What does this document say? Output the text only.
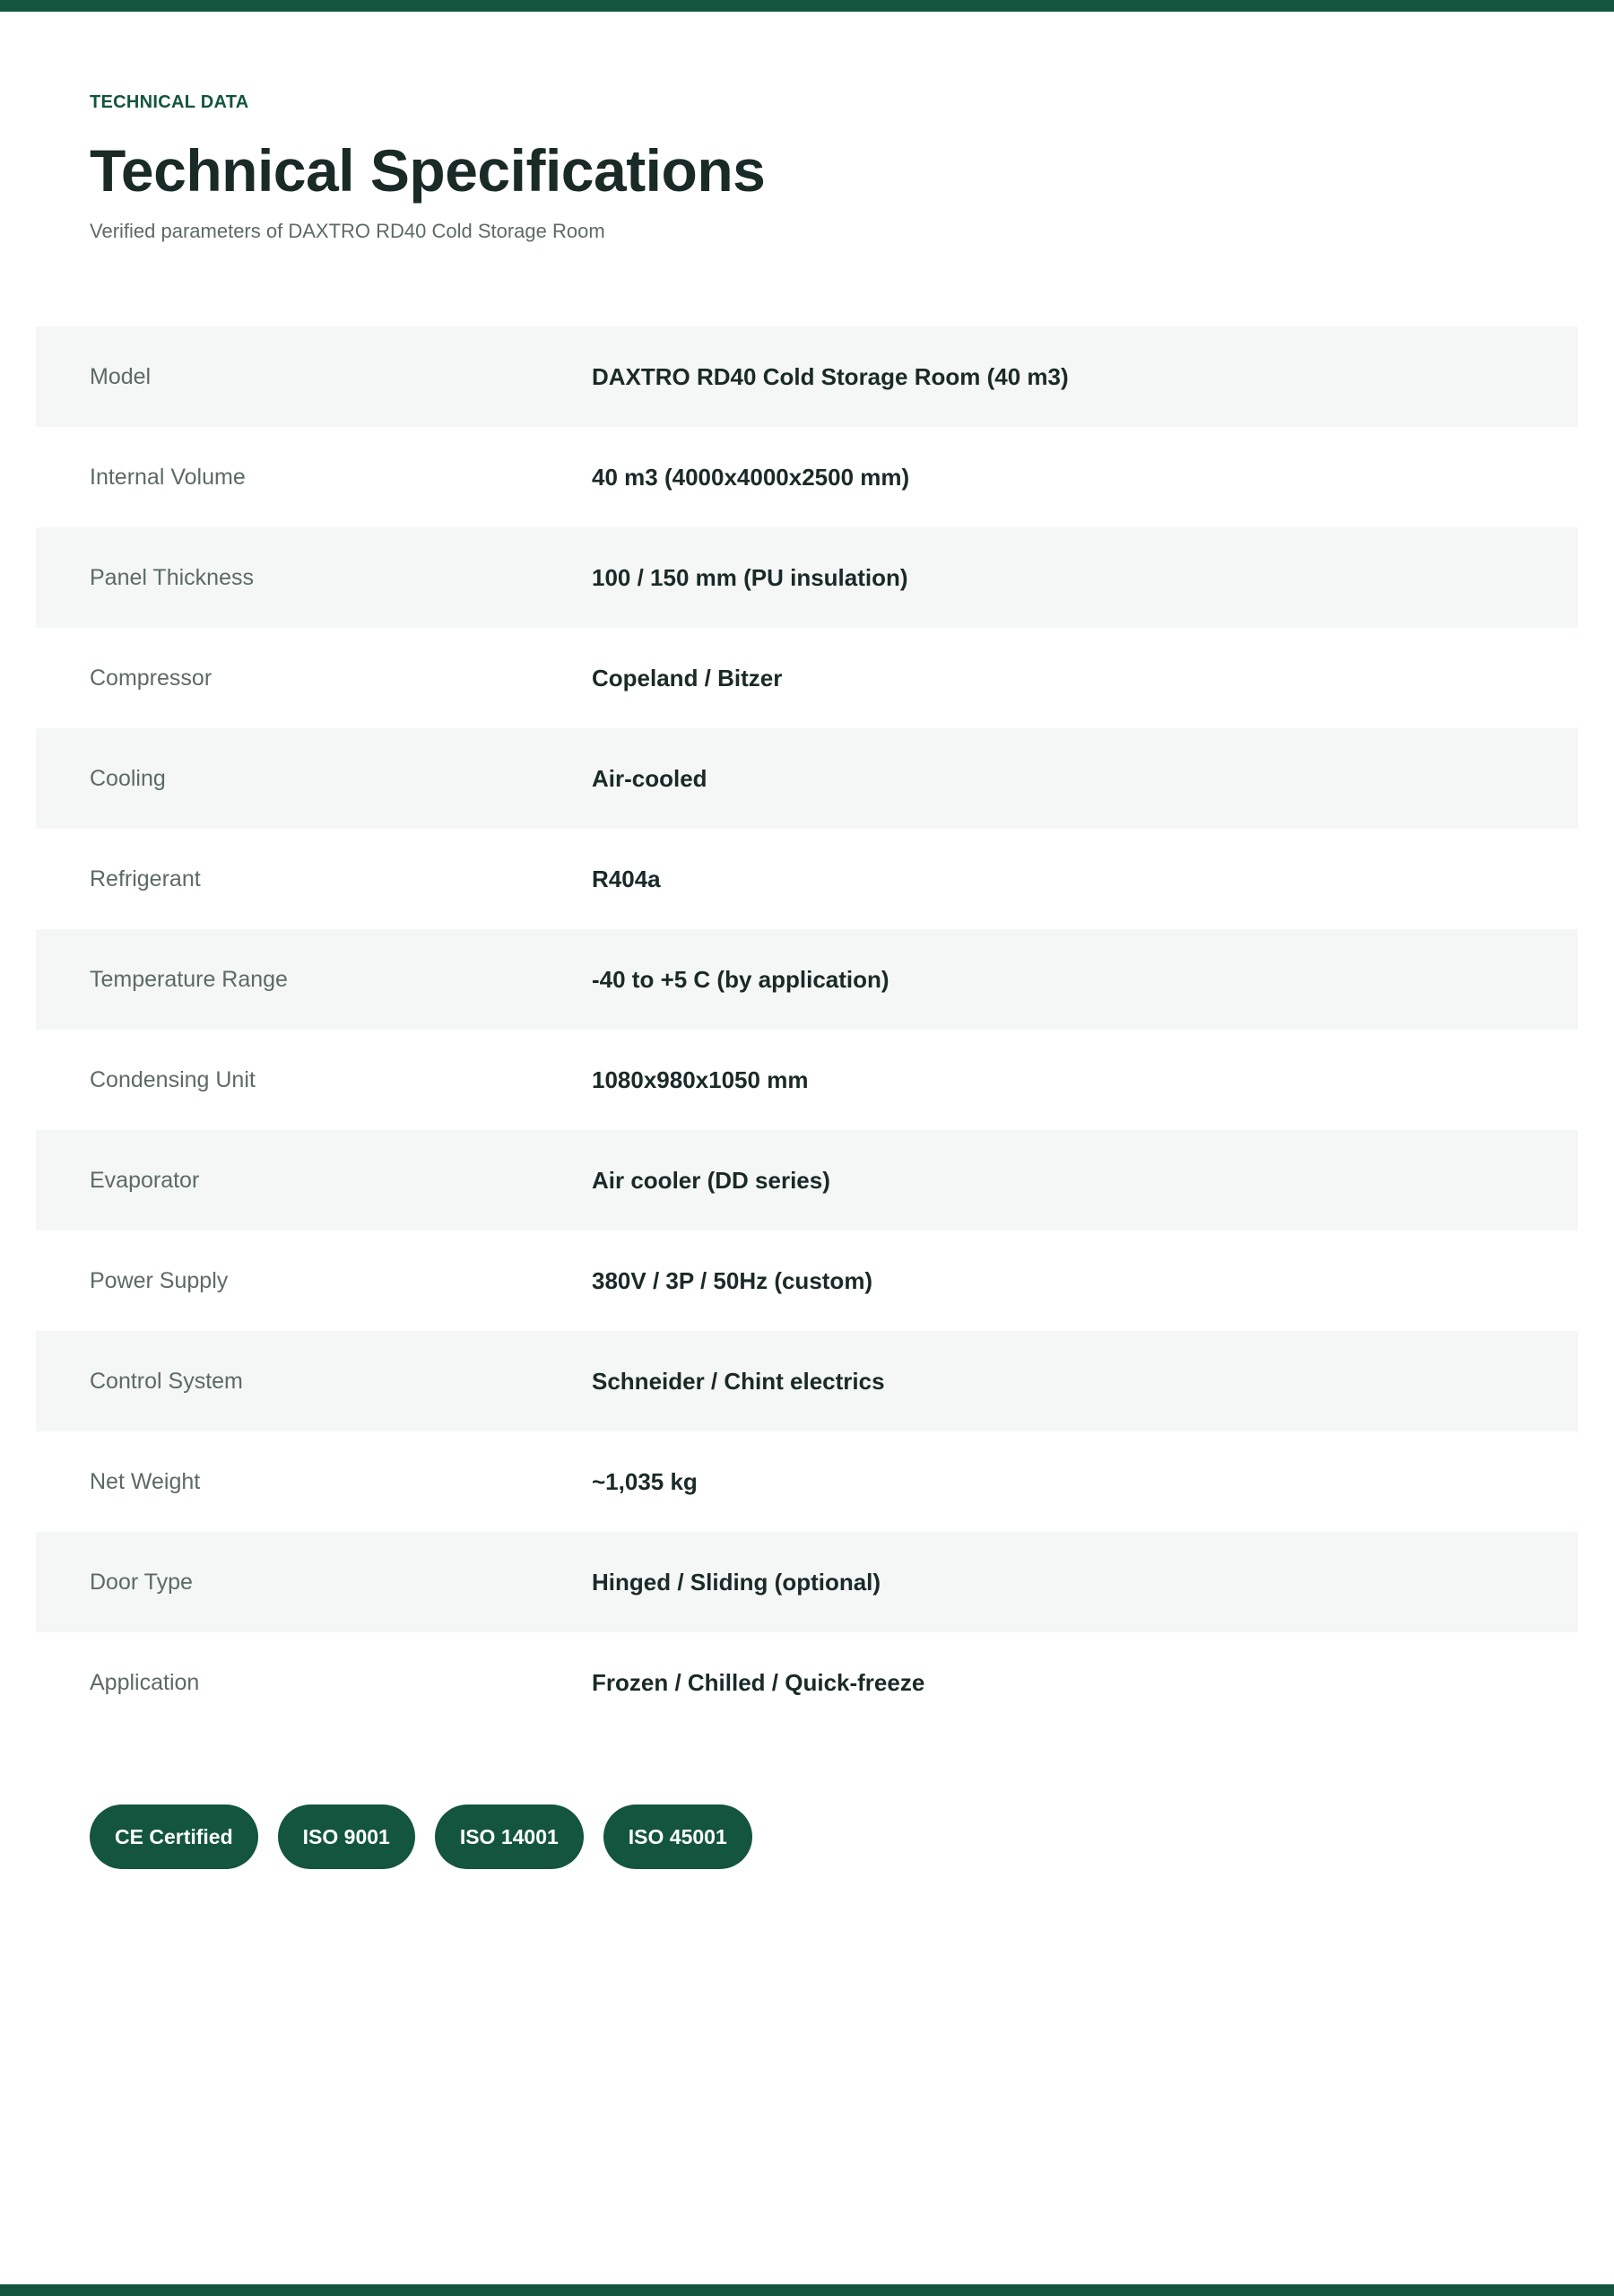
TECHNICAL DATA
Technical Specifications
Verified parameters of DAXTRO RD40 Cold Storage Room
Model	DAXTRO RD40 Cold Storage Room (40 m3)
Internal Volume	40 m3 (4000x4000x2500 mm)
Panel Thickness	100 / 150 mm (PU insulation)
Compressor	Copeland / Bitzer
Cooling	Air-cooled
Refrigerant	R404a
Temperature Range	-40 to +5 C (by application)
Condensing Unit	1080x980x1050 mm
Evaporator	Air cooler (DD series)
Power Supply	380V / 3P / 50Hz (custom)
Control System	Schneider / Chint electrics
Net Weight	~1,035 kg
Door Type	Hinged / Sliding (optional)
Application	Frozen / Chilled / Quick-freeze
CE Certified	ISO 9001	ISO 14001	ISO 45001
